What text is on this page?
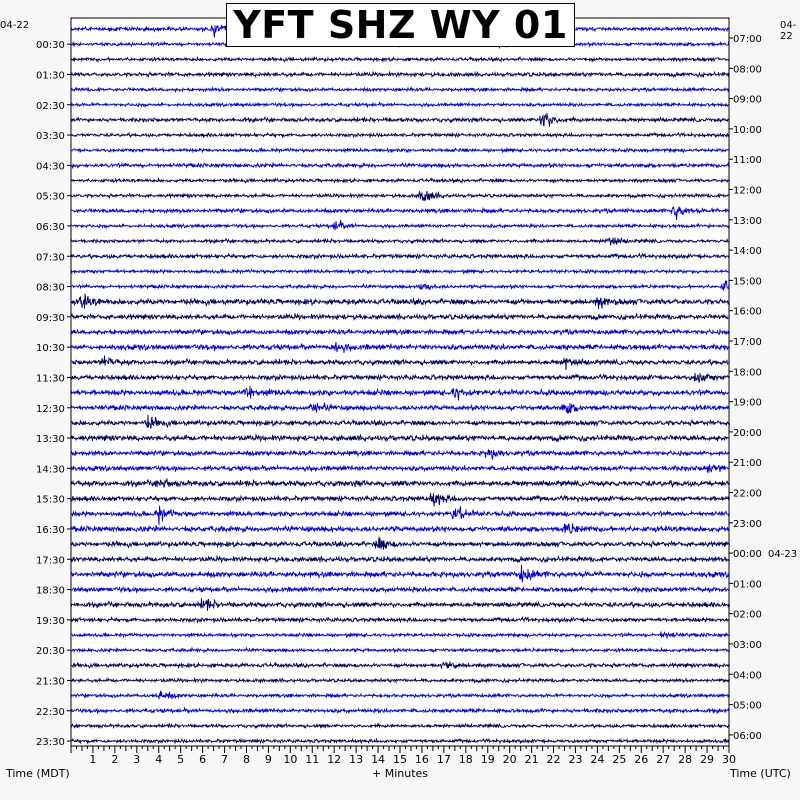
00:30
01:30
02:30
03:30
04:30
05:30
06:30
07:30
08:30
09:30
10:30
11:30
12:30
13:30
14:30
15:30
16:30
17:30
18:30
19:30
20:30
21:30
22:30
23:30
07:00
08:00
09:00
10:00
11:00
12:00
13:00
14:00
15:00
16:00
17:00
18:00
19:00
20:00
21:00
22:00
23:00
00:00 04-23
01:00
02:00
03:00
04:00
05:00
06:00
1 2 3 4 5 6 7 8 9 10 11 12 13 14 15 16 17 18 19 20 21 22 23 24 25 26 27 28 29 30
Time (MDT)	+ Minutes	Time (UTC)
04-22	04-22
YFT SHZ WY 01
